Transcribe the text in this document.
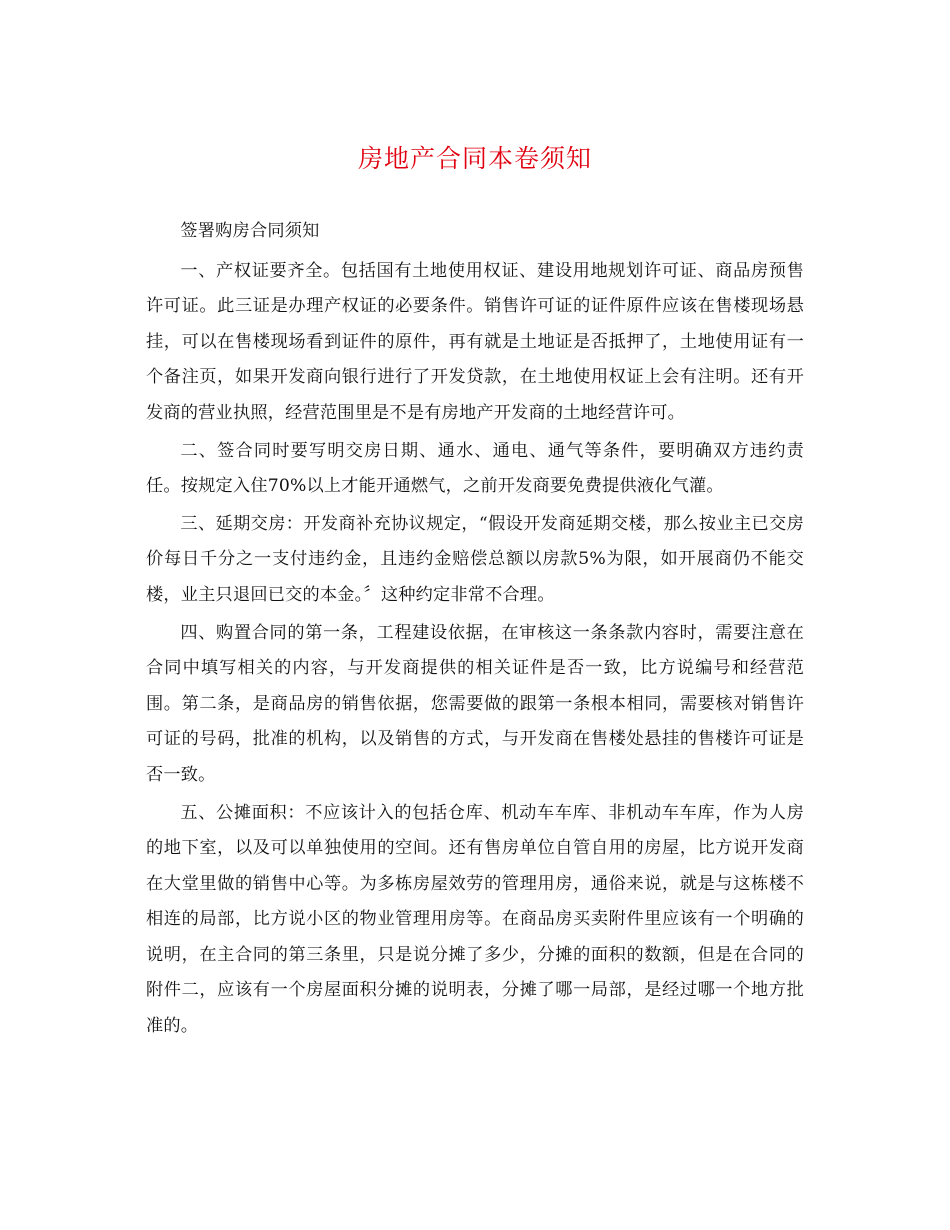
房地产合同本卷须知

签署购房合同须知

一、产权证要齐全。包括国有土地使用权证、建设用地规划许可证、商品房预售许可证。此三证是办理产权证的必要条件。销售许可证的证件原件应该在售楼现场悬挂，可以在售楼现场看到证件的原件，再有就是土地证是否抵押了，土地使用证有一个备注页，如果开发商向银行进行了开发贷款，在土地使用权证上会有注明。还有开发商的营业执照，经营范围里是不是有房地产开发商的土地经营许可。

二、签合同时要写明交房日期、通水、通电、通气等条件，要明确双方违约责任。按规定入住70%以上才能开通燃气，之前开发商要免费提供液化气灌。

三、延期交房：开发商补充协议规定，“假设开发商延期交楼，那么按业主已交房价每日千分之一支付违约金，且违约金赔偿总额以房款5%为限，如开展商仍不能交楼，业主只退回已交的本金。〞这种约定非常不合理。

四、购置合同的第一条，工程建设依据，在审核这一条条款内容时，需要注意在合同中填写相关的内容，与开发商提供的相关证件是否一致，比方说编号和经营范围。第二条，是商品房的销售依据，您需要做的跟第一条根本相同，需要核对销售许可证的号码，批准的机构，以及销售的方式，与开发商在售楼处悬挂的售楼许可证是否一致。

五、公摊面积：不应该计入的包括仓库、机动车车库、非机动车车库，作为人房的地下室，以及可以单独使用的空间。还有售房单位自管自用的房屋，比方说开发商在大堂里做的销售中心等。为多栋房屋效劳的管理用房，通俗来说，就是与这栋楼不相连的局部，比方说小区的物业管理用房等。在商品房买卖附件里应该有一个明确的说明，在主合同的第三条里，只是说分摊了多少，分摊的面积的数额，但是在合同的附件二，应该有一个房屋面积分摊的说明表，分摊了哪一局部，是经过哪一个地方批准的。
